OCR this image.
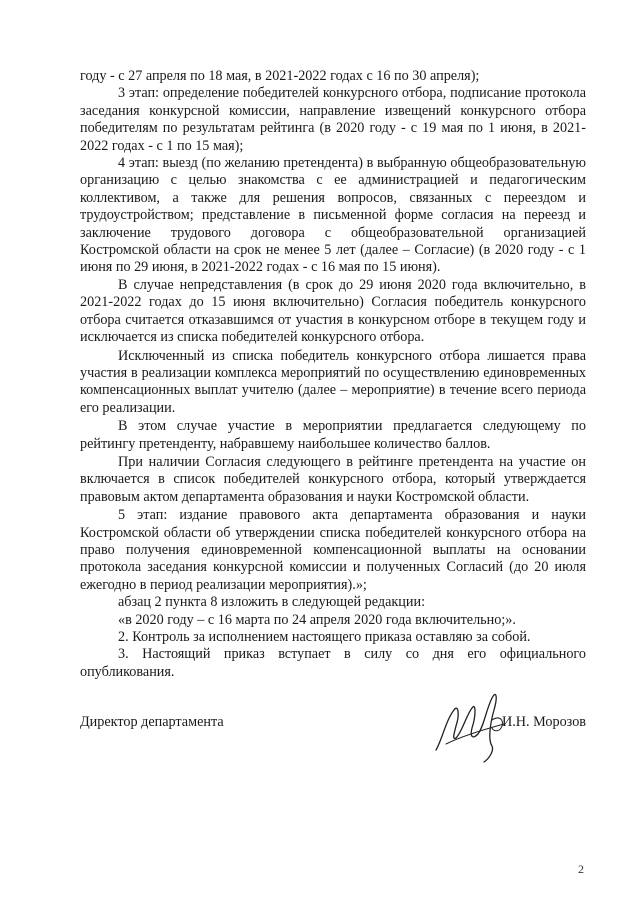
году - с 27 апреля по 18 мая, в 2021-2022 годах с 16 по 30 апреля);

3 этап: определение победителей конкурсного отбора, подписание протокола заседания конкурсной комиссии, направление извещений конкурсного отбора победителям по результатам рейтинга (в 2020 году - с 19 мая по 1 июня, в 2021-2022 годах - с 1 по 15 мая);

4 этап: выезд (по желанию претендента) в выбранную общеобразовательную организацию с целью знакомства с ее администрацией и педагогическим коллективом, а также для решения вопросов, связанных с переездом и трудоустройством; представление в письменной форме согласия на переезд и заключение трудового договора с общеобразовательной организацией Костромской области на срок не менее 5 лет (далее – Согласие) (в 2020 году - с 1 июня по 29 июня, в 2021-2022 годах - с 16 мая по 15 июня).

В случае непредставления (в срок до 29 июня 2020 года включительно, в 2021-2022 годах до 15 июня включительно) Согласия победитель конкурсного отбора считается отказавшимся от участия в конкурсном отборе в текущем году и исключается из списка победителей конкурсного отбора.

Исключенный из списка победитель конкурсного отбора лишается права участия в реализации комплекса мероприятий по осуществлению единовременных компенсационных выплат учителю (далее – мероприятие) в течение всего периода его реализации.

В этом случае участие в мероприятии предлагается следующему по рейтингу претенденту, набравшему наибольшее количество баллов.

При наличии Согласия следующего в рейтинге претендента на участие он включается в список победителей конкурсного отбора, который утверждается правовым актом департамента образования и науки Костромской области.

5 этап: издание правового акта департамента образования и науки Костромской области об утверждении списка победителей конкурсного отбора на право получения единовременной компенсационной выплаты на основании протокола заседания конкурсной комиссии и полученных Согласий (до 20 июля ежегодно в период реализации мероприятия).»;

абзац 2 пункта 8 изложить в следующей редакции:

«в 2020 году – с 16 марта по 24 апреля 2020 года включительно;».

2. Контроль за исполнением настоящего приказа оставляю за собой.

3. Настоящий приказ вступает в силу со дня его официального опубликования.

Директор департамента	И.Н. Морозов
2
